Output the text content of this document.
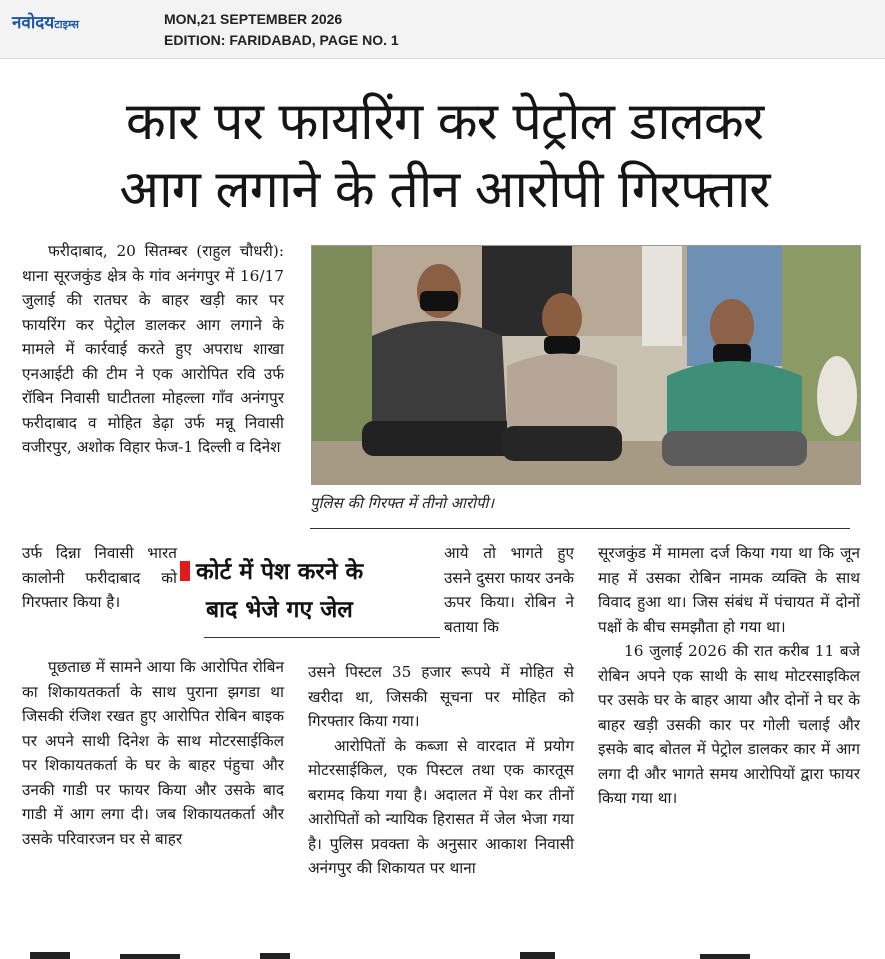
नवोदयटाइम्स	MON,21 SEPTEMBER 2026
EDITION: FARIDABAD, PAGE NO. 1
कार पर फायरिंग कर पेट्रोल डालकर
आग लगाने के तीन आरोपी गिरफ्तार

फरीदाबाद, 20 सितम्बर (राहुल चौधरी): थाना सूरजकुंड क्षेत्र के गांव अनंगपुर में 16/17 जुलाई की रातघर के बाहर खड़ी कार पर फायरिंग कर पेट्रोल डालकर आग लगाने के मामले में कार्रवाई करते हुए अपराध शाखा एनआईटी की टीम ने एक आरोपित रवि उर्फ रॉबिन निवासी घाटीतला मोहल्ला गाँव अनंगपुर फरीदाबाद व मोहित डेढ़ा उर्फ मन्नू निवासी वजीरपुर, अशोक विहार फेज-1 दिल्ली व दिनेश

पुलिस की गिरफ्त में तीनो आरोपी।

उर्फ दिन्ना निवासी भारत कालोनी फरीदाबाद को गिरफ्तार किया है।

पूछताछ में सामने आया कि आरोपित रोबिन का शिकायतकर्ता के साथ पुराना झगडा था जिसकी रंजिश रखत हुए आरोपित रोबिन बाइक पर अपने साथी दिनेश के साथ मोटरसाईकिल पर शिकायतकर्ता के घर के बाहर पंहुचा और उनकी गाडी पर फायर किया और उसके बाद गाडी में आग लगा दी। जब शिकायतकर्ता और उसके परिवारजन घर से बाहर

कोर्ट में पेश करने के
बाद भेजे गए जेल

आये तो भागते हुए उसने दुसरा फायर उनके ऊपर किया। रोबिन ने बताया कि

उसने पिस्टल 35 हजार रूपये में मोहित से खरीदा था, जिसकी सूचना पर मोहित को गिरफ्तार किया गया।

आरोपितों के कब्जा से वारदात में प्रयोग मोटरसाईकिल, एक पिस्टल तथा एक कारतूस बरामद किया गया है। अदालत में पेश कर तीनों आरोपितों को न्यायिक हिरासत में जेल भेजा गया है। पुलिस प्रवक्ता के अनुसार आकाश निवासी अनंगपुर की शिकायत पर थाना

सूरजकुंड में मामला दर्ज किया गया था कि जून माह में उसका रोबिन नामक व्यक्ति के साथ विवाद हुआ था। जिस संबंध में पंचायत में दोनों पक्षों के बीच समझौता हो गया था।

16 जुलाई 2026 की रात करीब 11 बजे रोबिन अपने एक साथी के साथ मोटरसाइकिल पर उसके घर के बाहर आया और दोनों ने घर के बाहर खड़ी उसकी कार पर गोली चलाई और इसके बाद बोतल में पेट्रोल डालकर कार में आग लगा दी और भागते समय आरोपियों द्वारा फायर किया गया था।
